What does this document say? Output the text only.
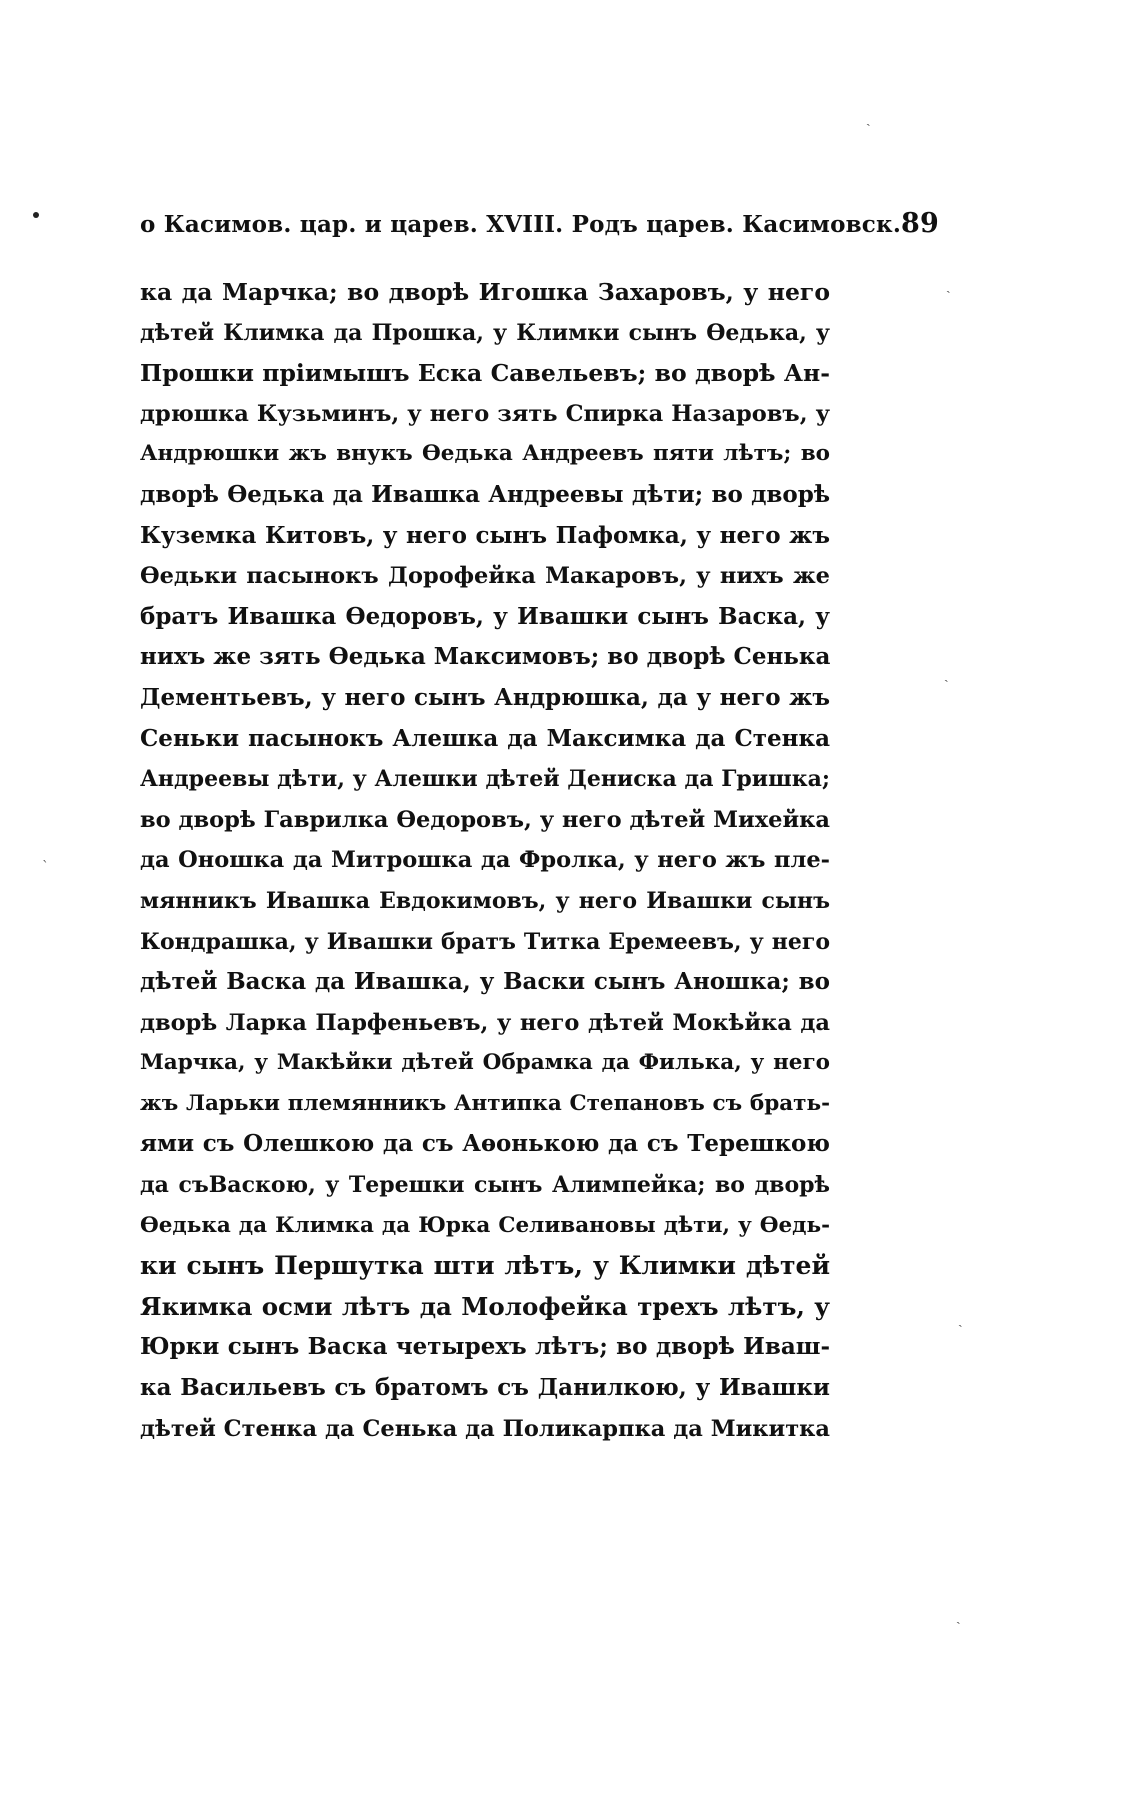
ˏ
ˏ
ˏ
ˋ
ˏ
ˏ
о Касимов. цар. и царев. XVIII. Родъ царев. Касимовск. 89
ка да Марчка; во дворѣ Игошка Захаровъ, у него
дѣтей Климка да Прошка, у Климки сынъ Ѳедька, у
Прошки пріимышъ Еска Савельевъ; во дворѣ Ан-
дрюшка Кузьминъ, у него зять Спирка Назаровъ, у
Андрюшки жъ внукъ Ѳедька Андреевъ пяти лѣтъ; во
дворѣ Ѳедька да Ивашка Андреевы дѣти; во дворѣ
Куземка Китовъ, у него сынъ Пафомка, у него жъ
Ѳедьки пасынокъ Дорофейка Макаровъ, у нихъ же
братъ Ивашка Ѳедоровъ, у Ивашки сынъ Васка, у
нихъ же зять Ѳедька Максимовъ; во дворѣ Сенька
Дементьевъ, у него сынъ Андрюшка, да у него жъ
Сеньки пасынокъ Алешка да Максимка да Стенка
Андреевы дѣти, у Алешки дѣтей Дениска да Гришка;
во дворѣ Гаврилка Ѳедоровъ, у него дѣтей Михейка
да Оношка да Митрошка да Фролка, у него жъ пле-
мянникъ Ивашка Евдокимовъ, у него Ивашки сынъ
Кондрашка, у Ивашки братъ Титка Еремеевъ, у него
дѣтей Васка да Ивашка, у Васки сынъ Аношка; во
дворѣ Ларка Парфеньевъ, у него дѣтей Мокѣйка да
Марчка, у Макѣйки дѣтей Обрамка да Филька, у него
жъ Ларьки племянникъ Антипка Степановъ съ брать-
ями съ Олешкою да съ Аѳонькою да съ Терешкою
да съВаскою, у Терешки сынъ Алимпейка; во дворѣ
Ѳедька да Климка да Юрка Селивановы дѣти, у Ѳедь-
ки сынъ Першутка шти лѣтъ, у Климки дѣтей
Якимка осми лѣтъ да Молофейка трехъ лѣтъ, у
Юрки сынъ Васка четырехъ лѣтъ; во дворѣ Иваш-
ка Васильевъ съ братомъ съ Данилкою, у Ивашки
дѣтей Стенка да Сенька да Поликарпка да Микитка
